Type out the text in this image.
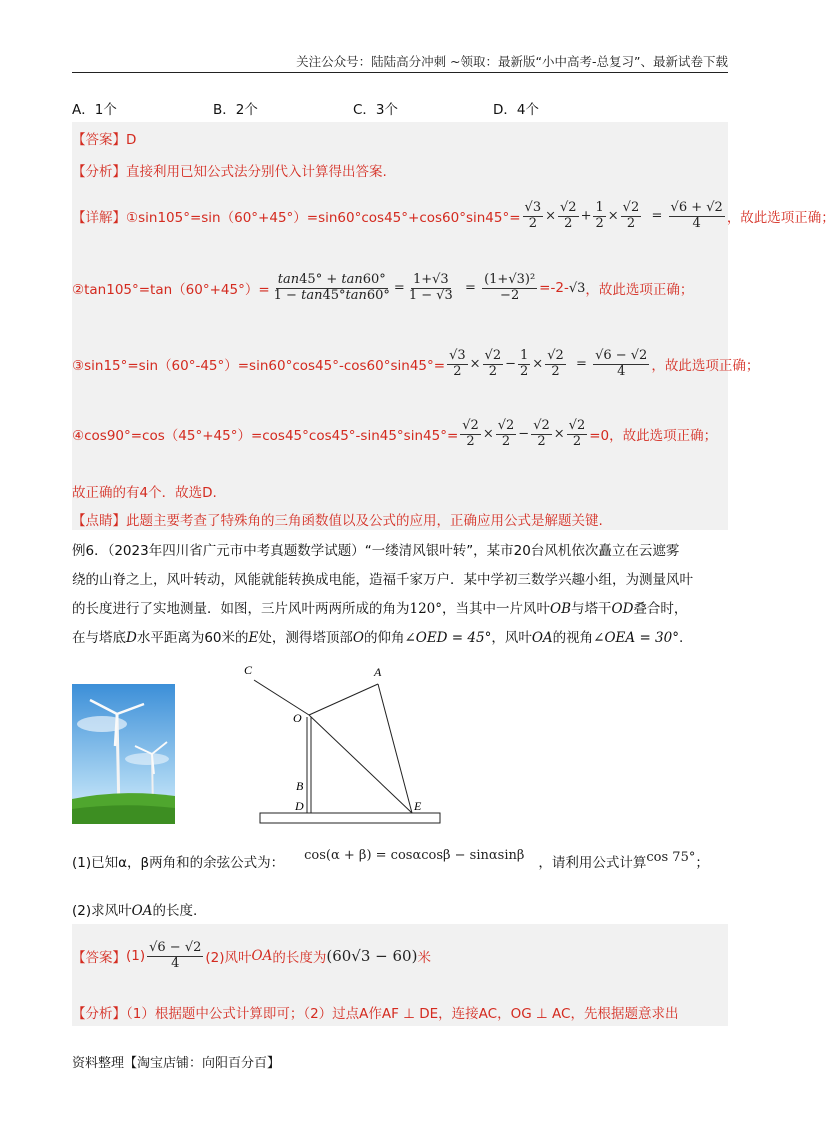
关注公众号：陆陆高分冲刺 ~领取：最新版“小中高考-总复习”、最新试卷下载
A．1个	B．2个	C．3个	D．4个
【答案】D
【分析】直接利用已知公式法分别代入计算得出答案.
【详解】 ①sin105°=sin（60°+45°）=sin60°cos45°+cos60°sin45°= $\frac{√3}{2} \times \frac{√2}{2} + \frac{1}{2} \times \frac{√2}{2} = \frac{√6 + √2}{4}$ ，故此选项正确；
②tan105°=tan（60°+45°）= $\frac{\tan 45^\circ + \tan 60^\circ}{1 - \tan 45^\circ\tan 60^\circ} = \frac{1+√3}{1 - √3} = \frac{\text{(1+√3)²}}{-2} =-2-$ √3 ，故此选项正确；
③sin15°=sin（60°-45°）=sin60°cos45°-cos60°sin45°= $\frac{√3}{2} \times \frac{√2}{2} - \frac{1}{2} \times \frac{√2}{2} = \frac{√6 - √2}{4}$ ，故此选项正确；
④cos90°=cos（45°+45°）=cos45°cos45°-sin45°sin45°= $\frac{√2}{2} \times \frac{√2}{2} - \frac{√2}{2} \times \frac{√2}{2} =0$，故此选项正确；
故正确的有4个．故选D.
【点睛】此题主要考查了特殊角的三角函数值以及公式的应用，正确应用公式是解题关键.
例6．（2023年四川省广元市中考真题数学试题）“一缕清风银叶转”，某市20台风机依次矗立在云遮雾
绕的山脊之上，风叶转动，风能就能转换成电能，造福千家万户．某中学初三数学兴趣小组，为测量风叶
的长度进行了实地测量．如图，三片风叶两两所成的角为120°，当其中一片风叶OB与塔干OD叠合时，
在与塔底D水平距离为60米的E处，测得塔顶部O的仰角∠OED = 45°，风叶OA的视角∠OEA = 30°.
C	A
O
B
D	E
(1)已知 α，β两角和的余弦公式为： cos(α + β) = cosαcosβ − sinαsinβ ，请利用公式计算 cos 75° ；
(2)求风叶OA的长度.
【答案】 $(1) \frac{√6 - √2}{4} (2)$风叶 OA 的长度为 (60√3 − 60) 米
【分析】（1）根据题中公式计算即可；（2）过点A作AF ⊥ DE，连接AC，OG ⊥ AC，先根据题意求出
资料整理【淘宝店铺：向阳百分百】
